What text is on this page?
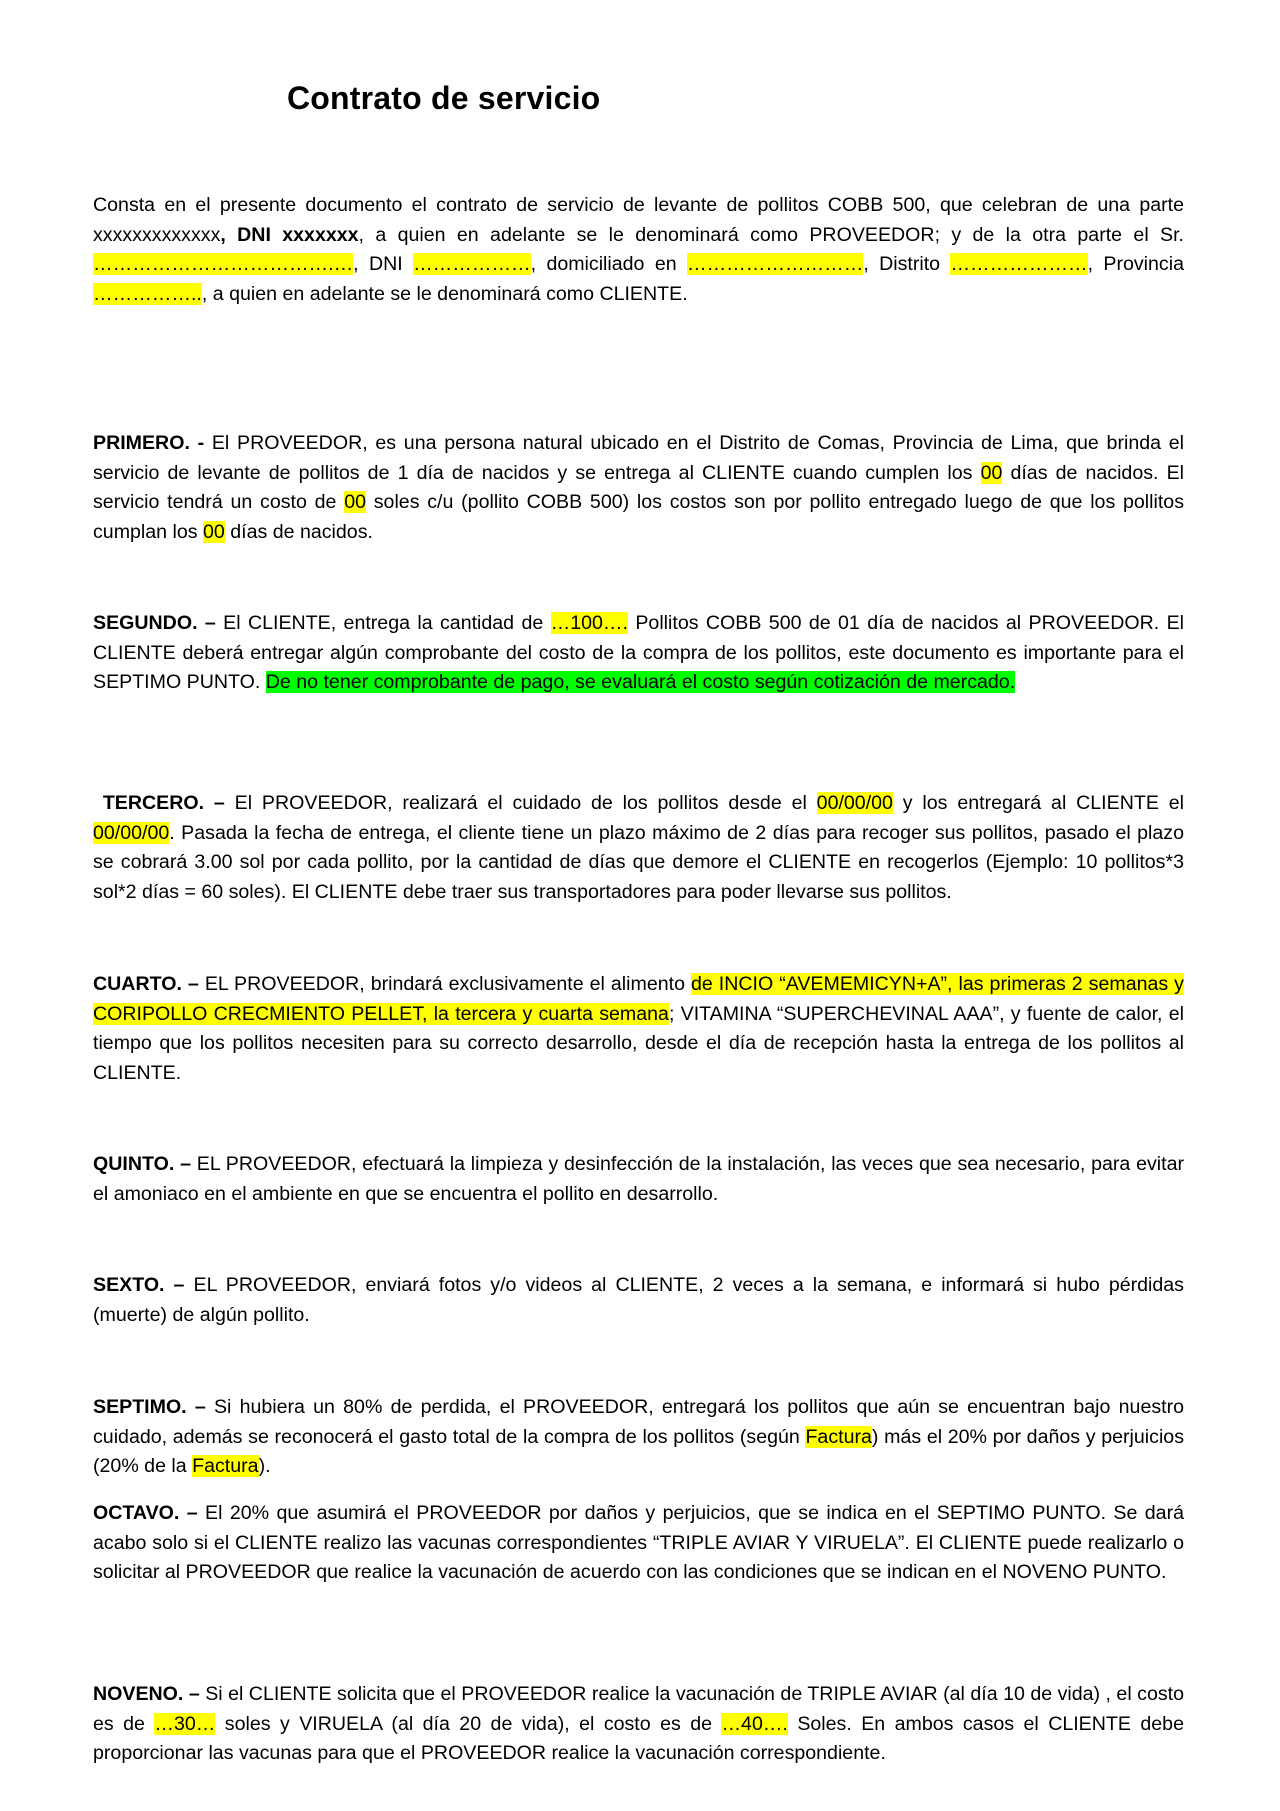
Contrato de servicio

Consta en el presente documento el contrato de servicio de levante de pollitos COBB 500, que celebran de una parte xxxxxxxxxxxxx, DNI xxxxxxx, a quien en adelante se le denominará como PROVEEDOR; y de la otra parte el Sr. ……………………………….…, DNI ………………, domiciliado en ………………………, Distrito …………………, Provincia …………….., a quien en adelante se le denominará como CLIENTE.

PRIMERO. - El PROVEEDOR, es una persona natural ubicado en el Distrito de Comas, Provincia de Lima, que brinda el servicio de levante de pollitos de 1 día de nacidos y se entrega al CLIENTE cuando cumplen los 00 días de nacidos. El servicio tendrá un costo de 00 soles c/u (pollito COBB 500) los costos son por pollito entregado luego de que los pollitos cumplan los 00 días de nacidos.

SEGUNDO. – El CLIENTE, entrega la cantidad de …100…. Pollitos COBB 500 de 01 día de nacidos al PROVEEDOR. El CLIENTE deberá entregar algún comprobante del costo de la compra de los pollitos, este documento es importante para el SEPTIMO PUNTO. De no tener comprobante de pago, se evaluará el costo según cotización de mercado.

TERCERO. – El PROVEEDOR, realizará el cuidado de los pollitos desde el 00/00/00 y los entregará al CLIENTE el 00/00/00. Pasada la fecha de entrega, el cliente tiene un plazo máximo de 2 días para recoger sus pollitos, pasado el plazo se cobrará 3.00 sol por cada pollito, por la cantidad de días que demore el CLIENTE en recogerlos (Ejemplo: 10 pollitos*3 sol*2 días = 60 soles). El CLIENTE debe traer sus transportadores para poder llevarse sus pollitos.

CUARTO. – EL PROVEEDOR, brindará exclusivamente el alimento de INCIO “AVEMEMICYN+A”, las primeras 2 semanas y CORIPOLLO CRECMIENTO PELLET, la tercera y cuarta semana; VITAMINA “SUPERCHEVINAL AAA”, y fuente de calor, el tiempo que los pollitos necesiten para su correcto desarrollo, desde el día de recepción hasta la entrega de los pollitos al CLIENTE.

QUINTO. – EL PROVEEDOR, efectuará la limpieza y desinfección de la instalación, las veces que sea necesario, para evitar el amoniaco en el ambiente en que se encuentra el pollito en desarrollo.

SEXTO. – EL PROVEEDOR, enviará fotos y/o videos al CLIENTE, 2 veces a la semana, e informará si hubo pérdidas (muerte) de algún pollito.

SEPTIMO. – Si hubiera un 80% de perdida, el PROVEEDOR, entregará los pollitos que aún se encuentran bajo nuestro cuidado, además se reconocerá el gasto total de la compra de los pollitos (según Factura) más el 20% por daños y perjuicios (20% de la Factura).

OCTAVO. – El 20% que asumirá el PROVEEDOR por daños y perjuicios, que se indica en el SEPTIMO PUNTO. Se dará acabo solo si el CLIENTE realizo las vacunas correspondientes “TRIPLE AVIAR Y VIRUELA”. El CLIENTE puede realizarlo o solicitar al PROVEEDOR que realice la vacunación de acuerdo con las condiciones que se indican en el NOVENO PUNTO.

NOVENO. – Si el CLIENTE solicita que el PROVEEDOR realice la vacunación de TRIPLE AVIAR (al día 10 de vida) , el costo es de …30… soles y VIRUELA (al día 20 de vida), el costo es de …40…. Soles. En ambos casos el CLIENTE debe proporcionar las vacunas para que el PROVEEDOR realice la vacunación correspondiente.
